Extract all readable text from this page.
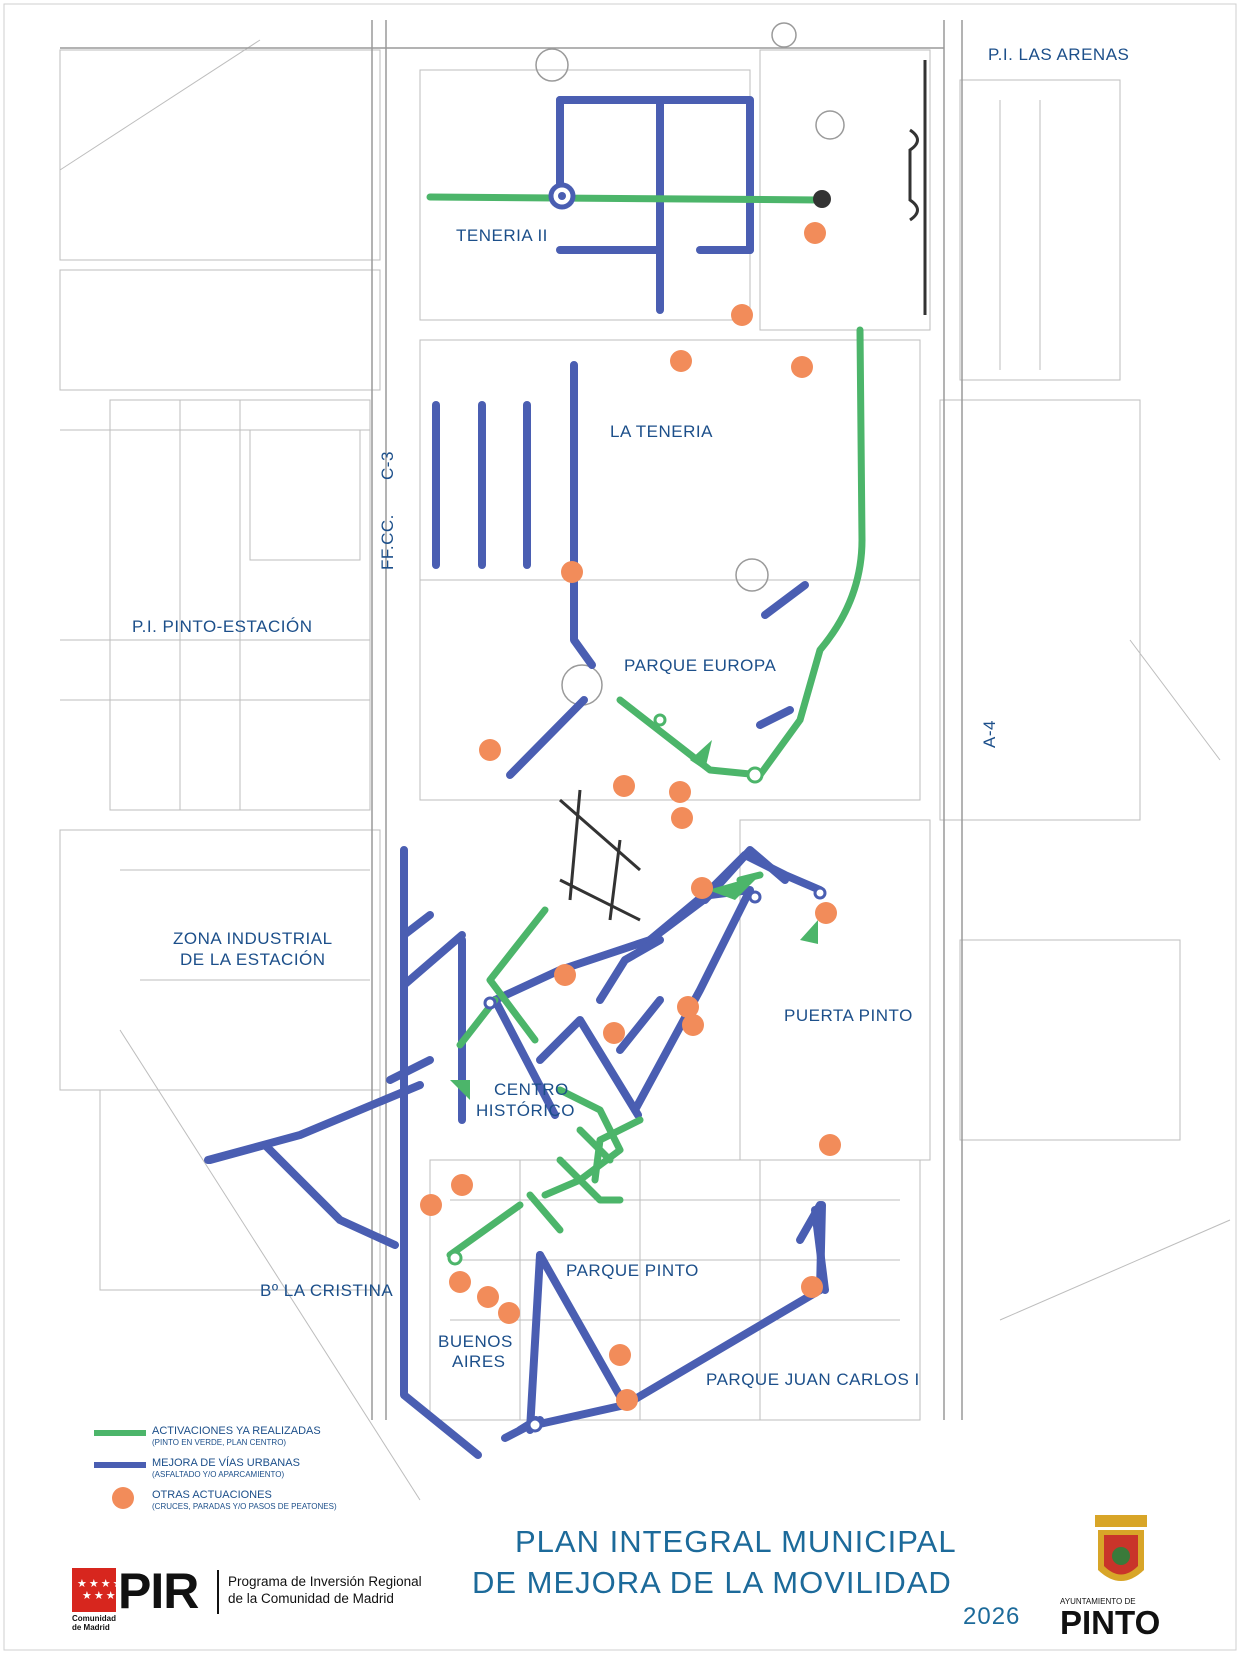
P.I. LAS ARENAS
TENERIA II
LA TENERIA
FF.CC.
C-3
P.I. PINTO-ESTACIÓN
PARQUE EUROPA
A-4
ZONA INDUSTRIAL
DE LA ESTACIÓN
PUERTA PINTO
CENTRO
HISTÓRICO
Bº LA CRISTINA
PARQUE PINTO
BUENOS
AIRES
PARQUE JUAN CARLOS I
ACTIVACIONES YA REALIZADAS
(PINTO EN VERDE, PLAN CENTRO)
MEJORA DE VÍAS URBANAS
(ASFALTADO Y/O APARCAMIENTO)
OTRAS ACTUACIONES
(CRUCES, PARADAS Y/O PASOS DE PEATONES)
PLAN INTEGRAL MUNICIPAL
DE MEJORA DE LA MOVILIDAD
2026
★★★★
★★★
Comunidad
de Madrid
PIR Programa de Inversión Regional
de la Comunidad de Madrid	AYUNTAMIENTO DE
PINTO
